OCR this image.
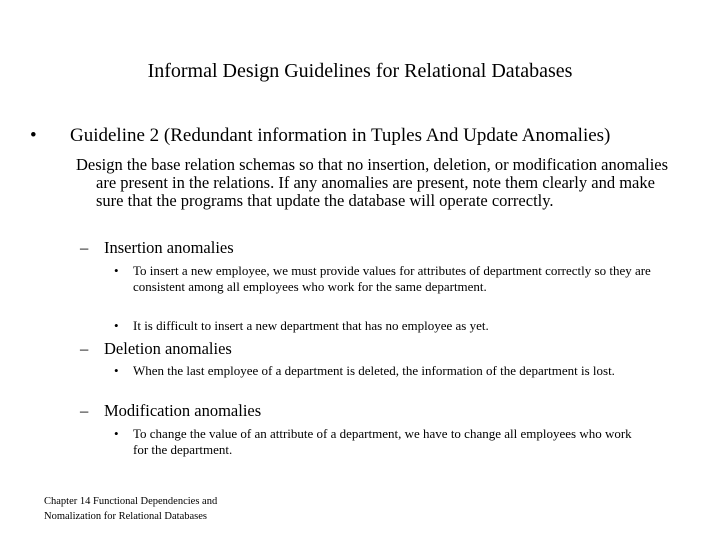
Informal Design Guidelines for Relational Databases
• Guideline 2 (Redundant information in Tuples And Update Anomalies)
Design the base relation schemas so that no insertion, deletion, or modification anomalies are present in the relations. If any anomalies are present, note them clearly and make sure that the programs that update the database will operate correctly.
– Insertion anomalies
• To insert a new employee, we must provide values for attributes of department correctly so they are consistent among all employees who work for the same department.
• It is difficult to insert a new department that has no employee as yet.
– Deletion anomalies
• When the last employee of a department is deleted, the information of the department is lost.
– Modification anomalies
• To change the value of an attribute of a department, we have to change all employees who work for the department.
Chapter 14 Functional Dependencies and
Nomalization for Relational Databases
